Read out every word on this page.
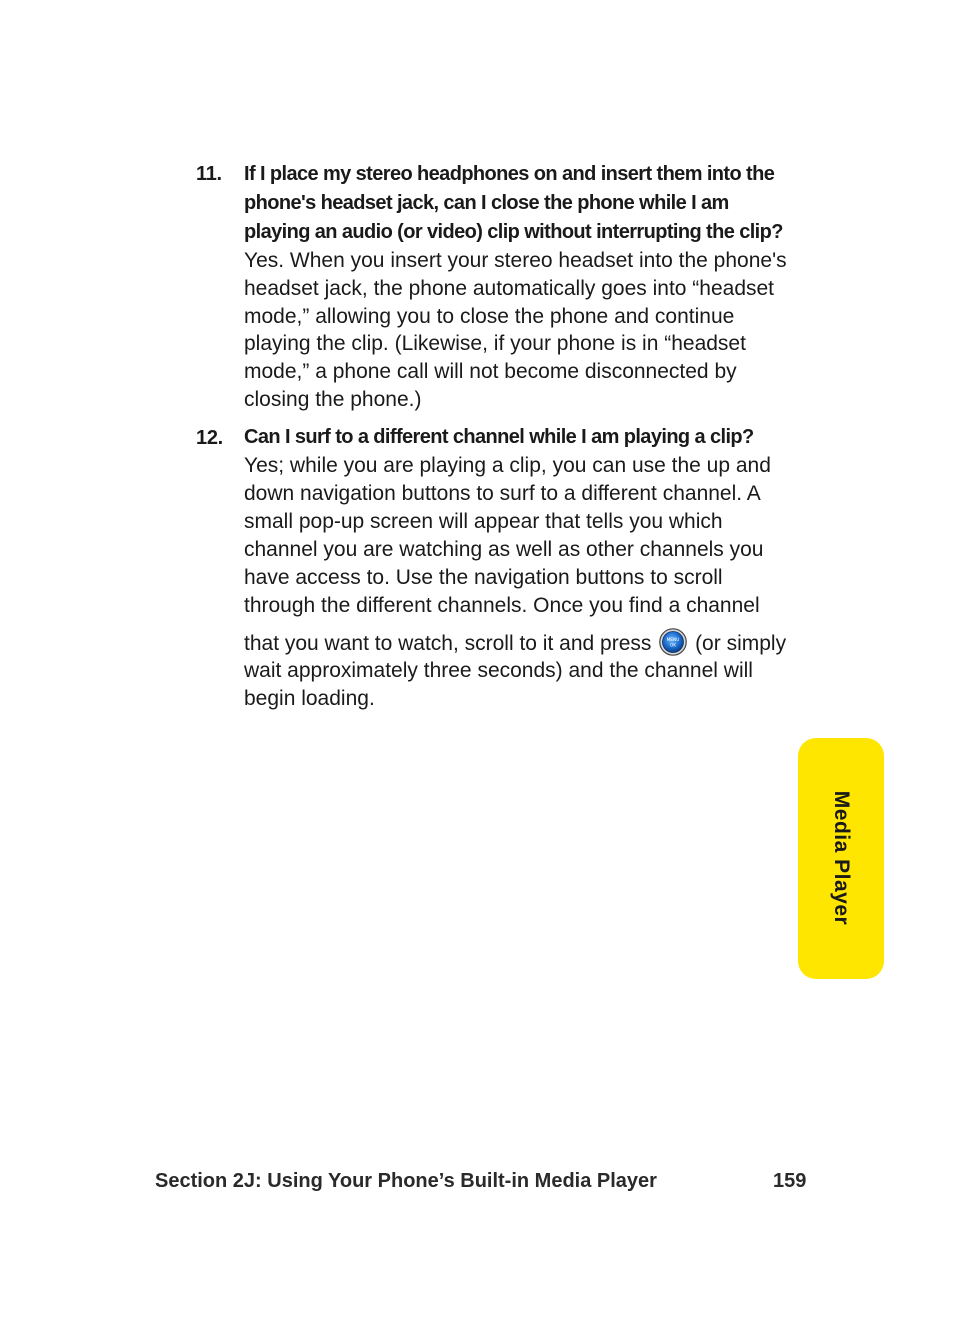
11. If I place my stereo headphones on and insert them into the phone's headset jack, can I close the phone while I am playing an audio (or video) clip without interrupting the clip? Yes. When you insert your stereo headset into the phone's headset jack, the phone automatically goes into “headset mode,” allowing you to close the phone and continue playing the clip. (Likewise, if your phone is in “headset mode,” a phone call will not become disconnected by closing the phone.)
12. Can I surf to a different channel while I am playing a clip?
Yes; while you are playing a clip, you can use the up and down navigation buttons to surf to a different channel. A small pop-up screen will appear that tells you which channel you are watching as well as other channels you have access to. Use the navigation buttons to scroll through the different channels. Once you find a channel
that you want to watch, scroll to it and press	MENU
OK (or simply wait approximately three seconds) and the channel will begin loading.
Media Player
Section 2J: Using Your Phone’s Built-in Media Player	159
